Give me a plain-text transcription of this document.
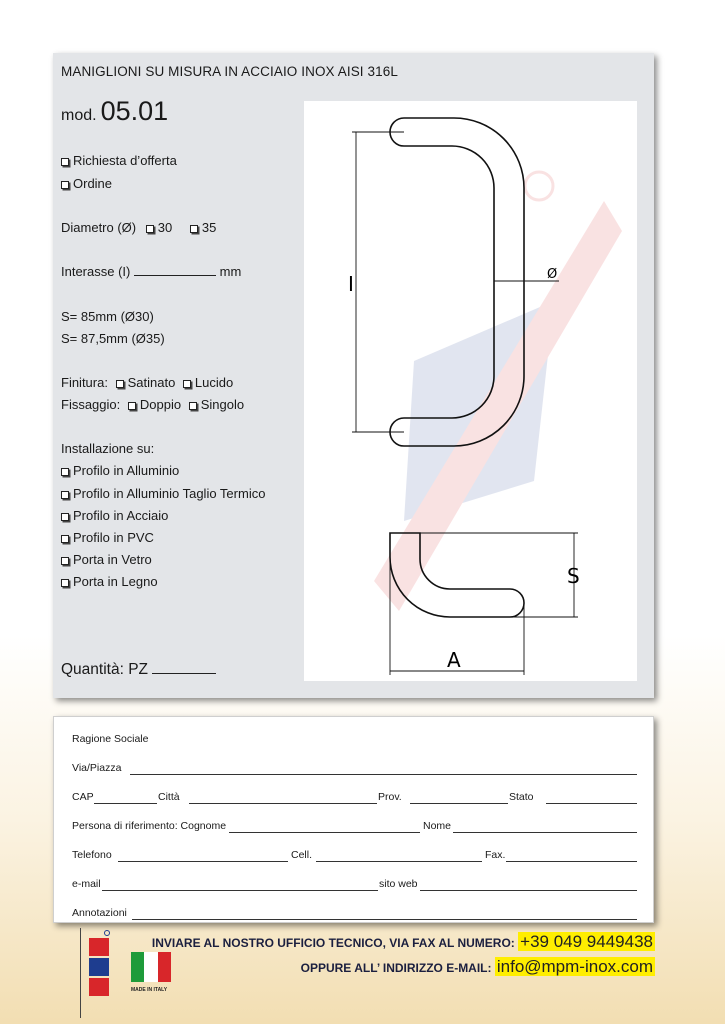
MANIGLIONI SU MISURA IN ACCIAIO INOX AISI 316L
mod. 05.01
Richiesta d’offerta
Ordine
Diametro (Ø) 30 35
Interasse (I)	mm
S= 85mm (Ø30)
S= 87,5mm (Ø35)
Finitura: Satinato Lucido
Fissaggio: Doppio Singolo
Installazione su:
Profilo in Alluminio
Profilo in Alluminio Taglio Termico
Profilo in Acciaio
Profilo in PVC
Porta in Vetro
Porta in Legno
Quantità: PZ
I	Ø
S
A
Ragione Sociale
Via/Piazza
CAP	Città	Prov.	Stato
Persona di riferimento: Cognome	Nome
Telefono	Cell.	Fax.
e-mail	sito web
Annotazioni
MADE IN ITALY
INVIARE AL NOSTRO UFFICIO TECNICO, VIA FAX AL NUMERO: +39 049 9449438
OPPURE ALL’ INDIRIZZO E-MAIL: info@mpm-inox.com
